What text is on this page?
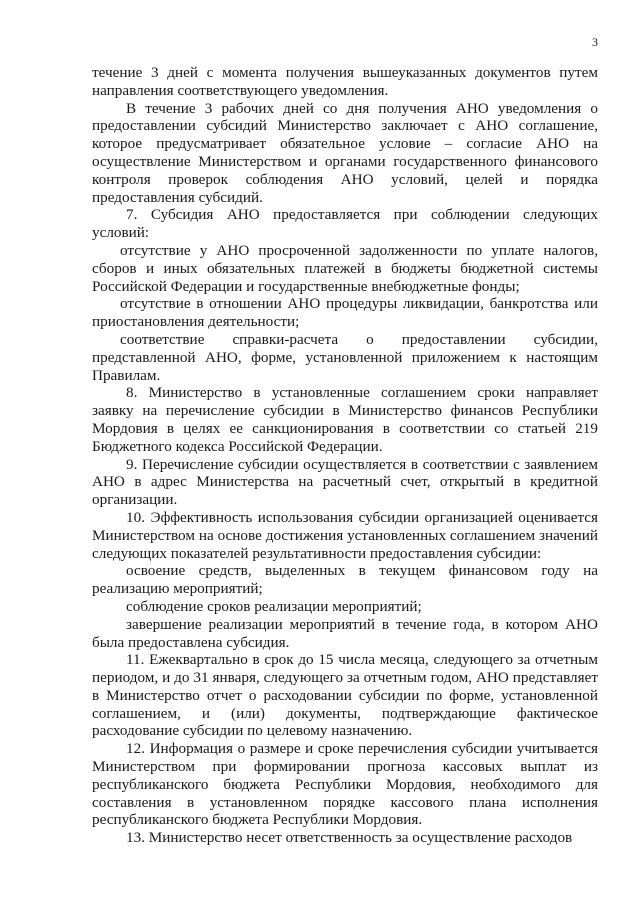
3

течение 3 дней с момента получения вышеуказанных документов путем направления соответствующего уведомления.

В течение 3 рабочих дней со дня получения АНО уведомления о предоставлении субсидий Министерство заключает с АНО соглашение, которое предусматривает обязательное условие – согласие АНО на осуществление Министерством и органами государственного финансового контроля проверок соблюдения АНО условий, целей и порядка предоставления субсидий.

7. Субсидия АНО предоставляется при соблюдении следующих условий:

отсутствие у АНО просроченной задолженности по уплате налогов, сборов и иных обязательных платежей в бюджеты бюджетной системы Российской Федерации и государственные внебюджетные фонды;

отсутствие в отношении АНО процедуры ликвидации, банкротства или приостановления деятельности;

соответствие справки-расчета о предоставлении субсидии, представленной АНО, форме, установленной приложением к настоящим Правилам.

8. Министерство в установленные соглашением сроки направляет заявку на перечисление субсидии в Министерство финансов Республики Мордовия в целях ее санкционирования в соответствии со статьей 219 Бюджетного кодекса Российской Федерации.

9. Перечисление субсидии осуществляется в соответствии с заявлением АНО в адрес Министерства на расчетный счет, открытый в кредитной организации.

10. Эффективность использования субсидии организацией оценивается Министерством на основе достижения установленных соглашением значений следующих показателей результативности предоставления субсидии:

освоение средств, выделенных в текущем финансовом году на реализацию мероприятий;

соблюдение сроков реализации мероприятий;

завершение реализации мероприятий в течение года, в котором АНО была предоставлена субсидия.

11. Ежеквартально в срок до 15 числа месяца, следующего за отчетным периодом, и до 31 января, следующего за отчетным годом, АНО представляет в Министерство отчет о расходовании субсидии по форме, установленной соглашением, и (или) документы, подтверждающие фактическое расходование субсидии по целевому назначению.

12. Информация о размере и сроке перечисления субсидии учитывается Министерством при формировании прогноза кассовых выплат из республиканского бюджета Республики Мордовия, необходимого для составления в установленном порядке кассового плана исполнения республиканского бюджета Республики Мордовия.

13. Министерство несет ответственность за осуществление расходов
